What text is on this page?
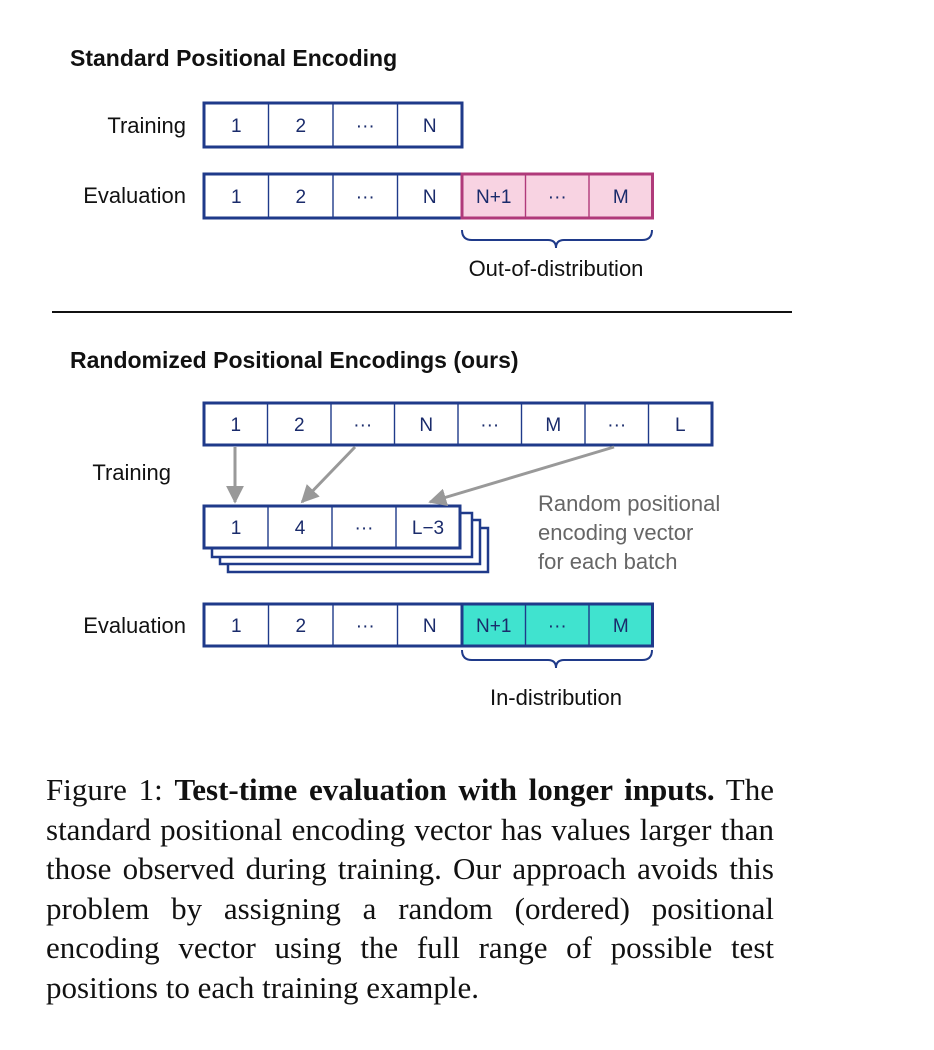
Standard Positional Encoding
Training 1	2	···	N
Evaluation 1	2	···	N N+1 ··· M
Out-of-distribution
Randomized Positional Encodings (ours)
1	2	··· N ··· M ···	L
Training
1	4	··· L−3
Random positional
encoding vector
for each batch
Evaluation 1	2	···	N N+1 ··· M
In-distribution

Figure 1: Test-time evaluation with longer inputs. The standard positional encoding vector has values larger than those observed during training. Our approach avoids this problem by assigning a random (ordered) positional encoding vector using the full range of possible test positions to each training example.
